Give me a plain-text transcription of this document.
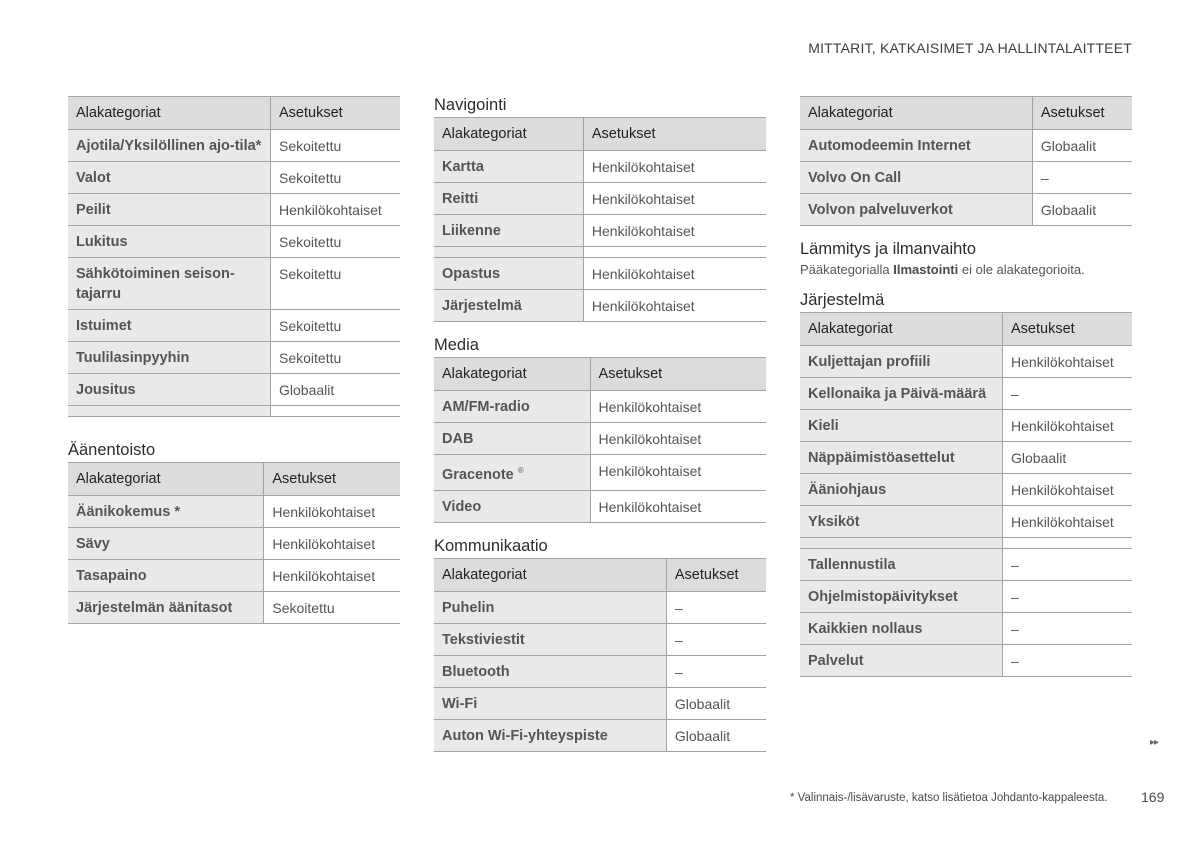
MITTARIT, KATKAISIMET JA HALLINTALAITTEET
Alakategoriat	Asetukset
Ajotila/Yksilöllinen ajo-tila*	Sekoitettu
Valot	Sekoitettu
Peilit	Henkilökohtaiset
Lukitus	Sekoitettu
Sähkötoiminen seison-tajarru	Sekoitettu
Istuimet	Sekoitettu
Tuulilasinpyyhin	Sekoitettu
Jousitus	Globaalit

Äänentoisto
Alakategoriat	Asetukset
Äänikokemus *	Henkilökohtaiset
Sävy	Henkilökohtaiset
Tasapaino	Henkilökohtaiset
Järjestelmän äänitasot	Sekoitettu
Navigointi
Alakategoriat	Asetukset
Kartta	Henkilökohtaiset
Reitti	Henkilökohtaiset
Liikenne	Henkilökohtaiset

Opastus	Henkilökohtaiset
Järjestelmä	Henkilökohtaiset
Media
Alakategoriat	Asetukset
AM/FM-radio	Henkilökohtaiset
DAB	Henkilökohtaiset
Gracenote ®	Henkilökohtaiset
Video	Henkilökohtaiset
Kommunikaatio
Alakategoriat	Asetukset
Puhelin	–
Tekstiviestit	–
Bluetooth	–
Wi-Fi	Globaalit
Auton Wi-Fi-yhteyspiste	Globaalit
Alakategoriat	Asetukset
Automodeemin Internet	Globaalit
Volvo On Call	–
Volvon palveluverkot	Globaalit
Lämmitys ja ilmanvaihto

Pääkategorialla Ilmastointi ei ole alakategorioita.

Järjestelmä
Alakategoriat	Asetukset
Kuljettajan profiili	Henkilökohtaiset
Kellonaika ja Päivä-määrä	–
Kieli	Henkilökohtaiset
Näppäimistöasettelut	Globaalit
Ääniohjaus	Henkilökohtaiset
Yksiköt	Henkilökohtaiset

Tallennustila	–
Ohjelmistopäivitykset	–
Kaikkien nollaus	–
Palvelut	–
▸▸
* Valinnais-/lisävaruste, katso lisätietoa Johdanto-kappaleesta. 169
